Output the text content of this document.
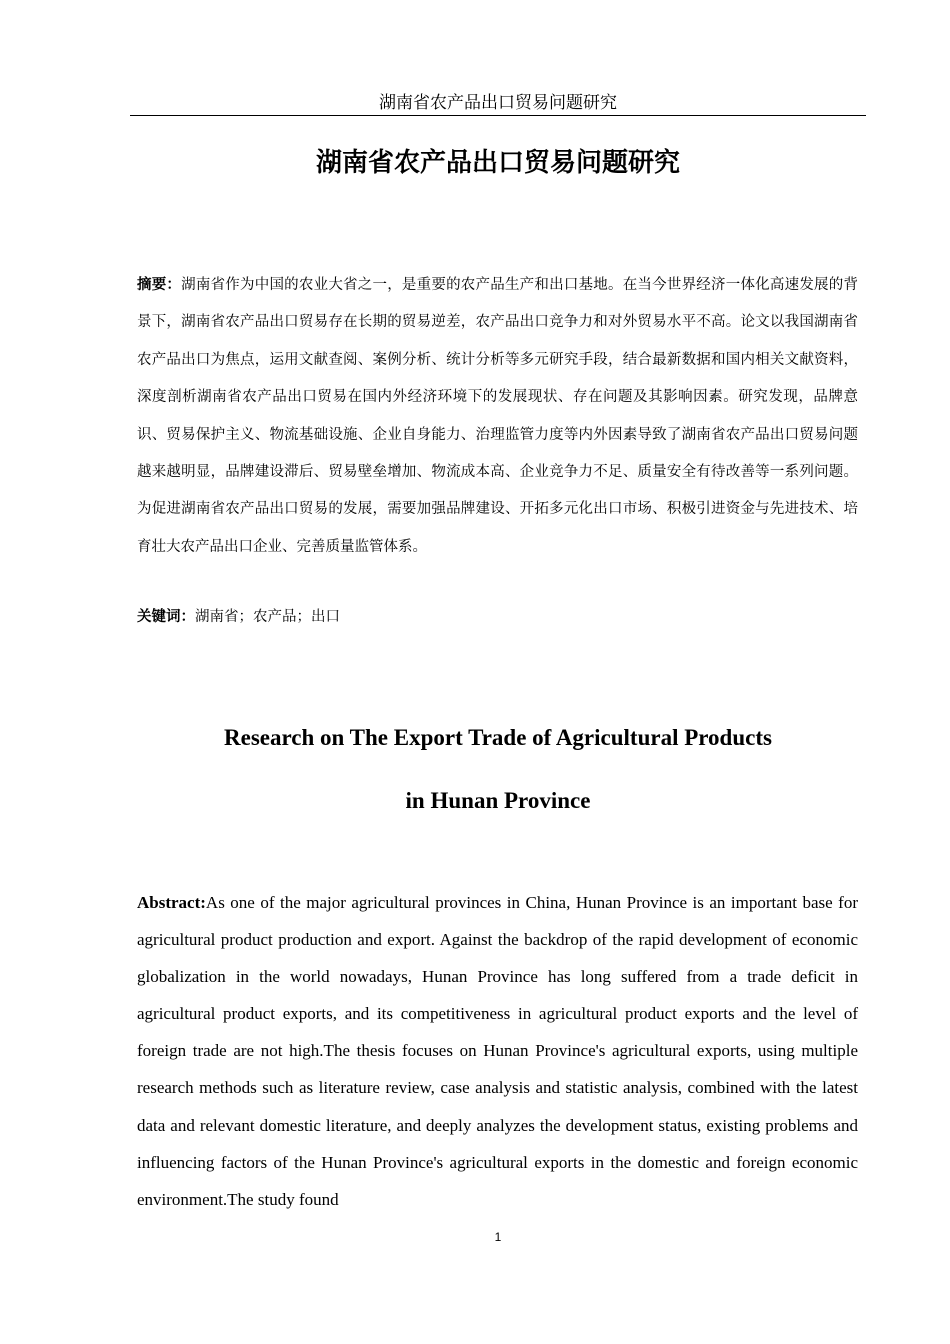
湖南省农产品出口贸易问题研究
湖南省农产品出口贸易问题研究

摘要：湖南省作为中国的农业大省之一，是重要的农产品生产和出口基地。在当今世界经济一体化高速发展的背景下，湖南省农产品出口贸易存在长期的贸易逆差，农产品出口竞争力和对外贸易水平不高。论文以我国湖南省农产品出口为焦点，运用文献查阅、案例分析、统计分析等多元研究手段，结合最新数据和国内相关文献资料，深度剖析湖南省农产品出口贸易在国内外经济环境下的发展现状、存在问题及其影响因素。研究发现，品牌意识、贸易保护主义、物流基础设施、企业自身能力、治理监管力度等内外因素导致了湖南省农产品出口贸易问题越来越明显，品牌建设滞后、贸易壁垒增加、物流成本高、企业竞争力不足、质量安全有待改善等一系列问题。为促进湖南省农产品出口贸易的发展，需要加强品牌建设、开拓多元化出口市场、积极引进资金与先进技术、培育壮大农产品出口企业、完善质量监管体系。

关键词：湖南省；农产品；出口

Research on The Export Trade of Agricultural Products
in Hunan Province

Abstract:As one of the major agricultural provinces in China, Hunan Province is an important base for agricultural product production and export. Against the backdrop of the rapid development of economic globalization in the world nowadays, Hunan Province has long suffered from a trade deficit in agricultural product exports, and its competitiveness in agricultural product exports and the level of foreign trade are not high.The thesis focuses on Hunan Province's agricultural exports, using multiple research methods such as literature review, case analysis and statistic analysis, combined with the latest data and relevant domestic literature, and deeply analyzes the development status, existing problems and influencing factors of the Hunan Province's agricultural exports in the domestic and foreign economic environment.The study found

1
